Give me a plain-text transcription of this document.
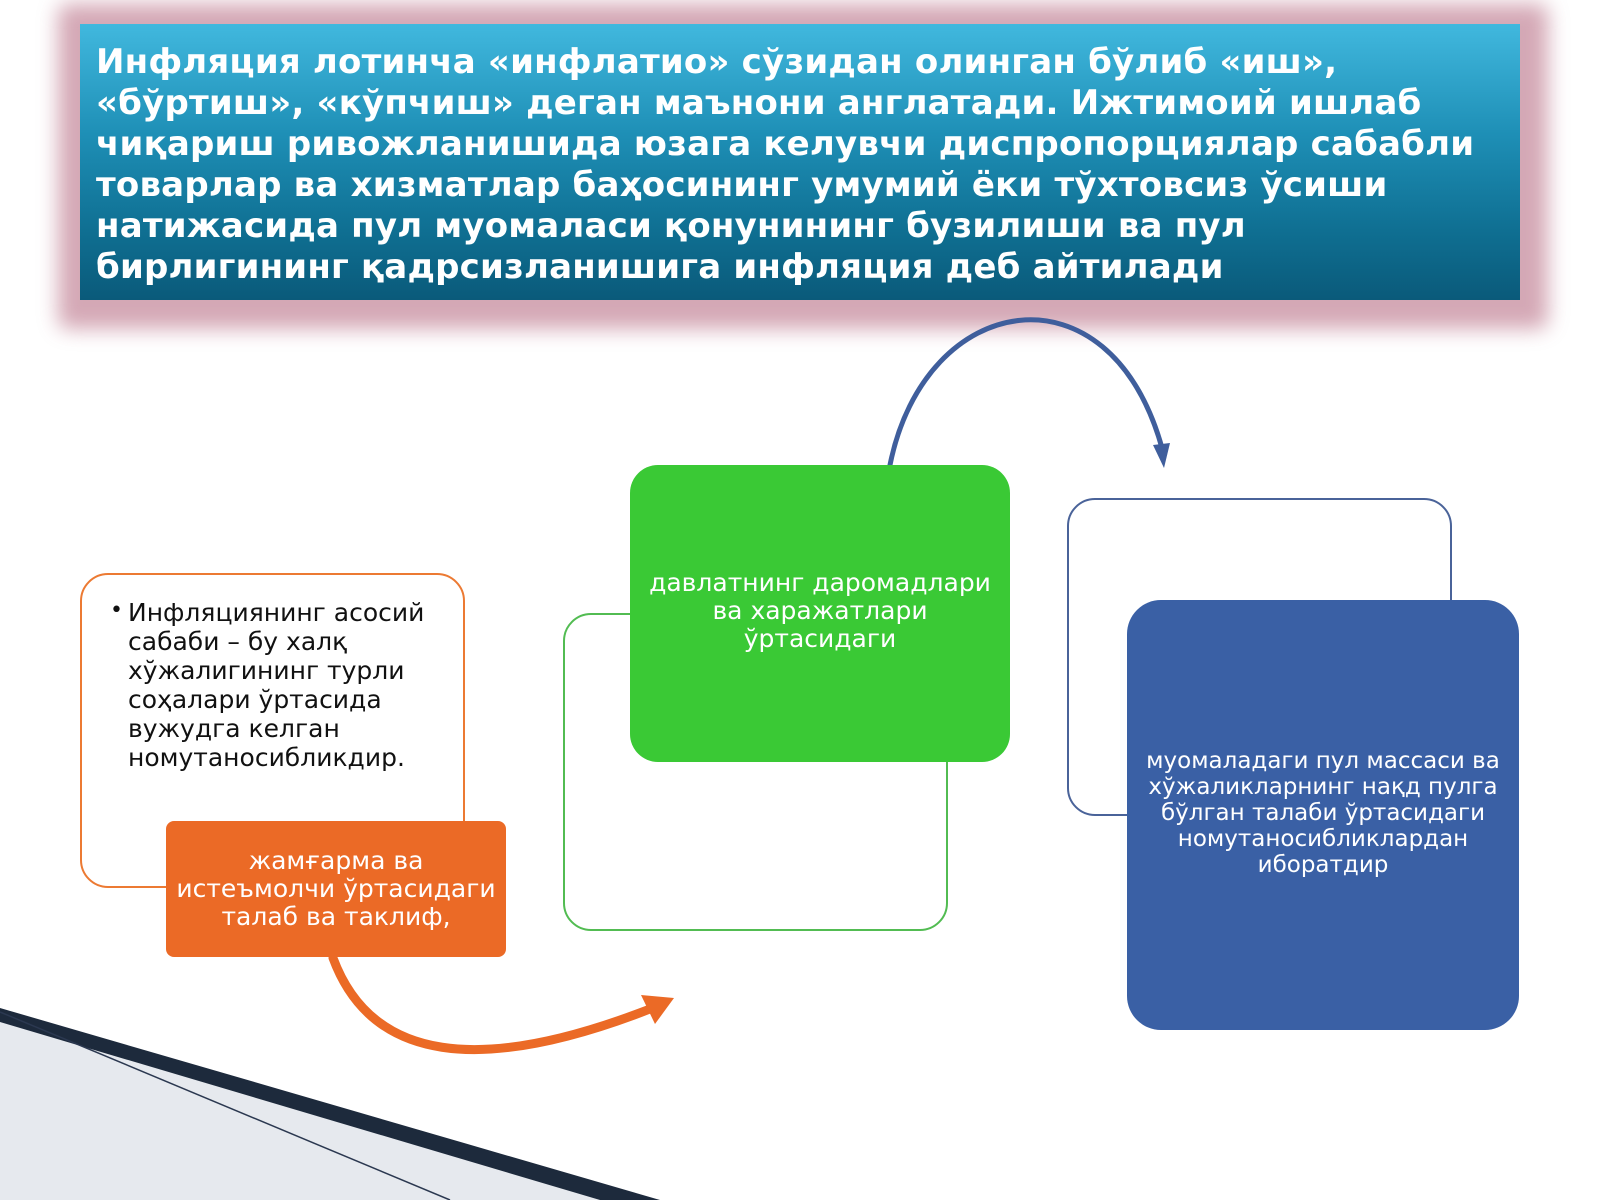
Инфляция лотинча «инфлатио» сўзидан олинган бўлиб «иш», «бўртиш», «кўпчиш» деган маънони англатади. Ижтимоий ишлаб чиқариш ривожланишида юзага келувчи диспропорциялар сабабли товарлар ва хизматлар баҳосининг умумий ёки тўхтовсиз ўсиши натижасида пул муомаласи қонунининг бузилиши ва пул бирлигининг қадрсизланишига инфляция деб айтилади

• Инфляциянинг асосий сабаби – бу халқ хўжалигининг турли соҳалари ўртасида вужудга келган номутаносибликдир.
жамғарма ва истеъмолчи ўртасидаги талаб ва таклиф,
давлатнинг даромадлари ва харажатлари ўртасидаги
муомаладаги пул массаси ва хўжаликларнинг нақд пулга бўлган талаби ўртасидаги номутаносибликлардан иборатдир
